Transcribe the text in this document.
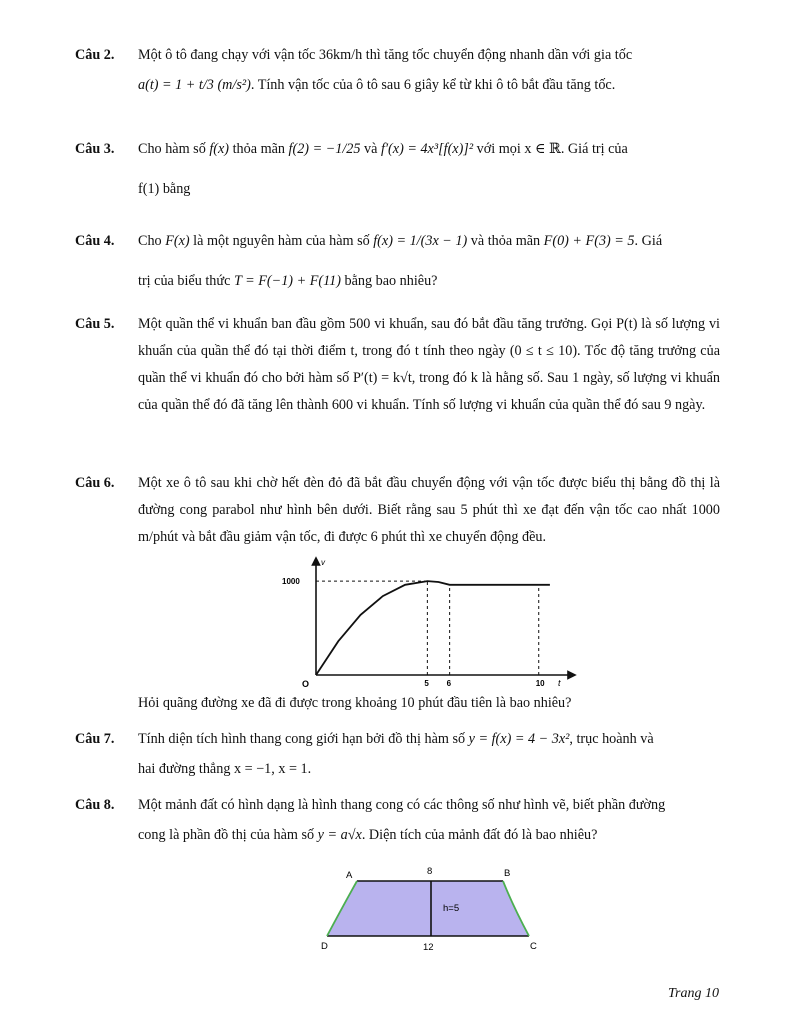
Câu 2. Một ô tô đang chạy với vận tốc 36km/h thì tăng tốc chuyển động nhanh dần với gia tốc
a(t) = 1 + t/3 (m/s²). Tính vận tốc của ô tô sau 6 giây kể từ khi ô tô bắt đầu tăng tốc.
Câu 3. Cho hàm số f(x) thỏa mãn f(2) = −1/25 và f′(x) = 4x³[f(x)]² với mọi x ∈ ℝ. Giá trị của
f(1) bằng
Câu 4. Cho F(x) là một nguyên hàm của hàm số f(x) = 1/(3x − 1) và thỏa mãn F(0) + F(3) = 5. Giá
trị của biểu thức T = F(−1) + F(11) bằng bao nhiêu?
Câu 5. Một quần thể vi khuẩn ban đầu gồm 500 vi khuẩn, sau đó bắt đầu tăng trưởng. Gọi P(t) là số lượng vi khuẩn của quần thể đó tại thời điểm t, trong đó t tính theo ngày (0 ≤ t ≤ 10). Tốc độ tăng trưởng của quần thể vi khuẩn đó cho bởi hàm số P′(t) = k√t, trong đó k là hằng số. Sau 1 ngày, số lượng vi khuẩn của quần thể đó đã tăng lên thành 600 vi khuẩn. Tính số lượng vi khuẩn của quần thể đó sau 9 ngày.
Câu 6. Một xe ô tô sau khi chờ hết đèn đỏ đã bắt đầu chuyển động với vận tốc được biểu thị bằng đồ thị là đường cong parabol như hình bên dưới. Biết rằng sau 5 phút thì xe đạt đến vận tốc cao nhất 1000 m/phút và bắt đầu giảm vận tốc, đi được 6 phút thì xe chuyển động đều.
v
t
O	5 6	10
1000
Hỏi quãng đường xe đã đi được trong khoảng 10 phút đầu tiên là bao nhiêu?
Câu 7. Tính diện tích hình thang cong giới hạn bởi đồ thị hàm số y = f(x) = 4 − 3x², trục hoành và
hai đường thẳng x = −1, x = 1.
Câu 8. Một mảnh đất có hình dạng là hình thang cong có các thông số như hình vẽ, biết phần đường
cong là phần đồ thị của hàm số y = a√x. Diện tích của mảnh đất đó là bao nhiêu?
A	B
C
D
8
12
h=5
Trang 10
